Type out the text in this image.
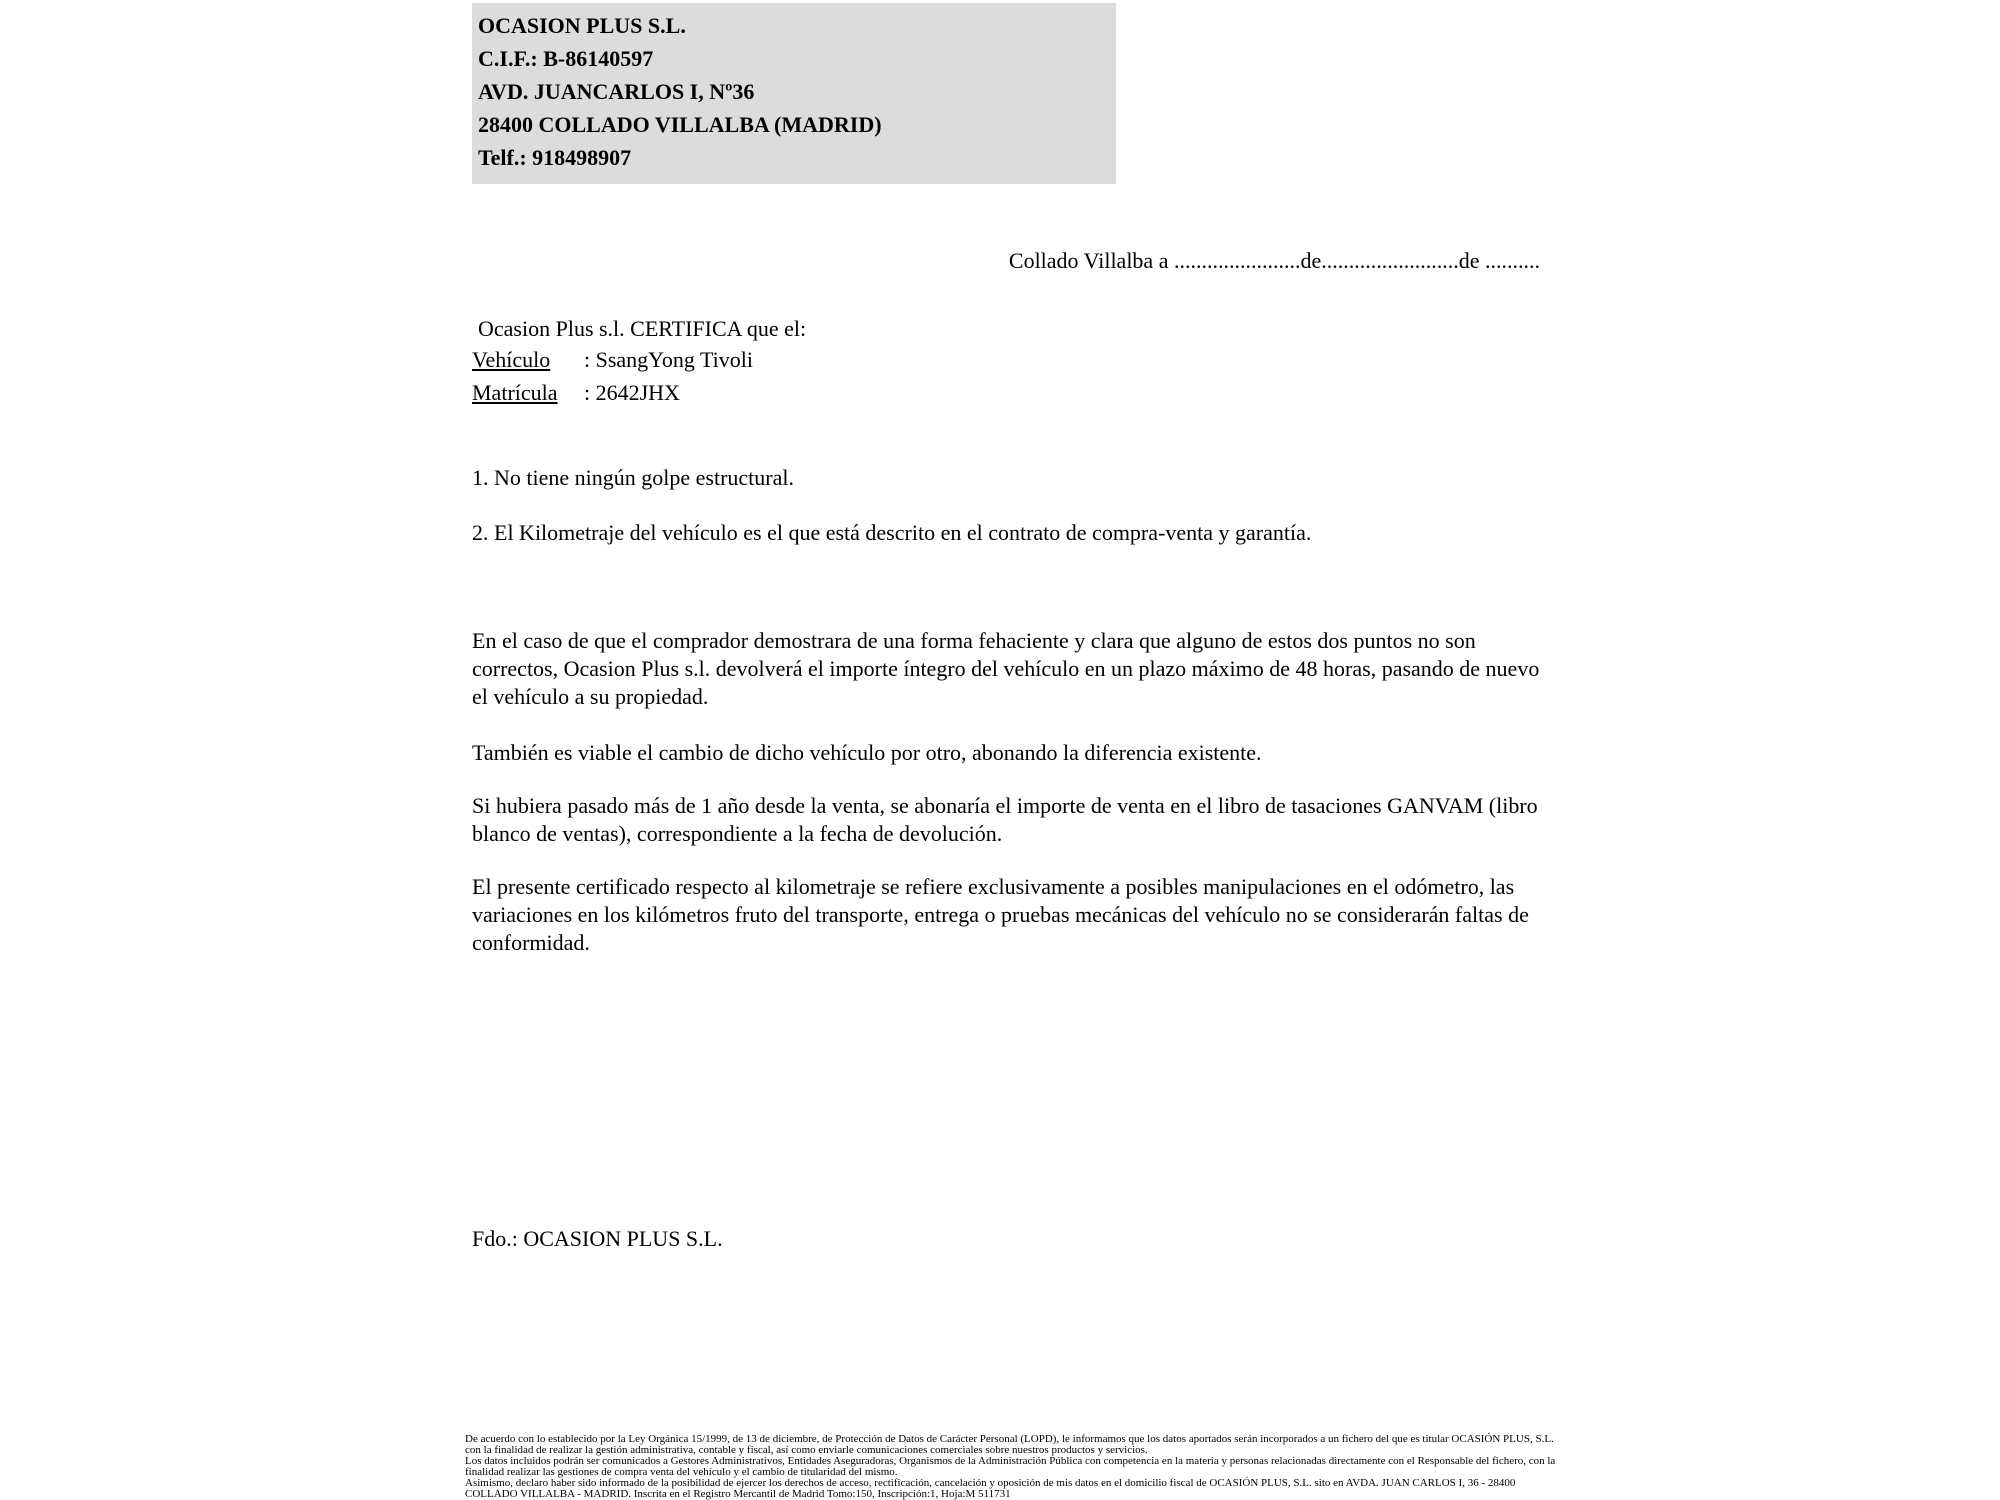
OCASION PLUS S.L.
C.I.F.: B-86140597
AVD. JUANCARLOS I, Nº36
28400 COLLADO VILLALBA (MADRID)
Telf.: 918498907
Collado Villalba a .......................de.........................de ..........
Ocasion Plus s.l. CERTIFICA que el:
Vehículo : SsangYong Tivoli
Matrícula : 2642JHX
1. No tiene ningún golpe estructural.
2. El Kilometraje del vehículo es el que está descrito en el contrato de compra-venta y garantía.

En el caso de que el comprador demostrara de una forma fehaciente y clara que alguno de estos dos puntos no son correctos, Ocasion Plus s.l. devolverá el importe íntegro del vehículo en un plazo máximo de 48 horas, pasando de nuevo el vehículo a su propiedad.

También es viable el cambio de dicho vehículo por otro, abonando la diferencia existente.

Si hubiera pasado más de 1 año desde la venta, se abonaría el importe de venta en el libro de tasaciones GANVAM (libro blanco de ventas), correspondiente a la fecha de devolución.

El presente certificado respecto al kilometraje se refiere exclusivamente a posibles manipulaciones en el odómetro, las variaciones en los kilómetros fruto del transporte, entrega o pruebas mecánicas del vehículo no se considerarán faltas de conformidad.

Fdo.: OCASION PLUS S.L.

De acuerdo con lo establecido por la Ley Orgánica 15/1999, de 13 de diciembre, de Protección de Datos de Carácter Personal (LOPD), le informamos que los datos aportados serán incorporados a un fichero del que es titular OCASIÓN PLUS, S.L. con la finalidad de realizar la gestión administrativa, contable y fiscal, así como enviarle comunicaciones comerciales sobre nuestros productos y servicios.

Los datos incluidos podrán ser comunicados a Gestores Administrativos, Entidades Aseguradoras, Organismos de la Administración Pública con competencia en la materia y personas relacionadas directamente con el Responsable del fichero, con la finalidad realizar las gestiones de compra venta del vehículo y el cambio de titularidad del mismo.

Asimismo, declaro haber sido informado de la posibilidad de ejercer los derechos de acceso, rectificación, cancelación y oposición de mis datos en el domicilio fiscal de OCASIÓN PLUS, S.L. sito en AVDA. JUAN CARLOS I, 36 - 28400 COLLADO VILLALBA - MADRID. Inscrita en el Registro Mercantil de Madrid Tomo:150, Inscripción:1, Hoja:M 511731
